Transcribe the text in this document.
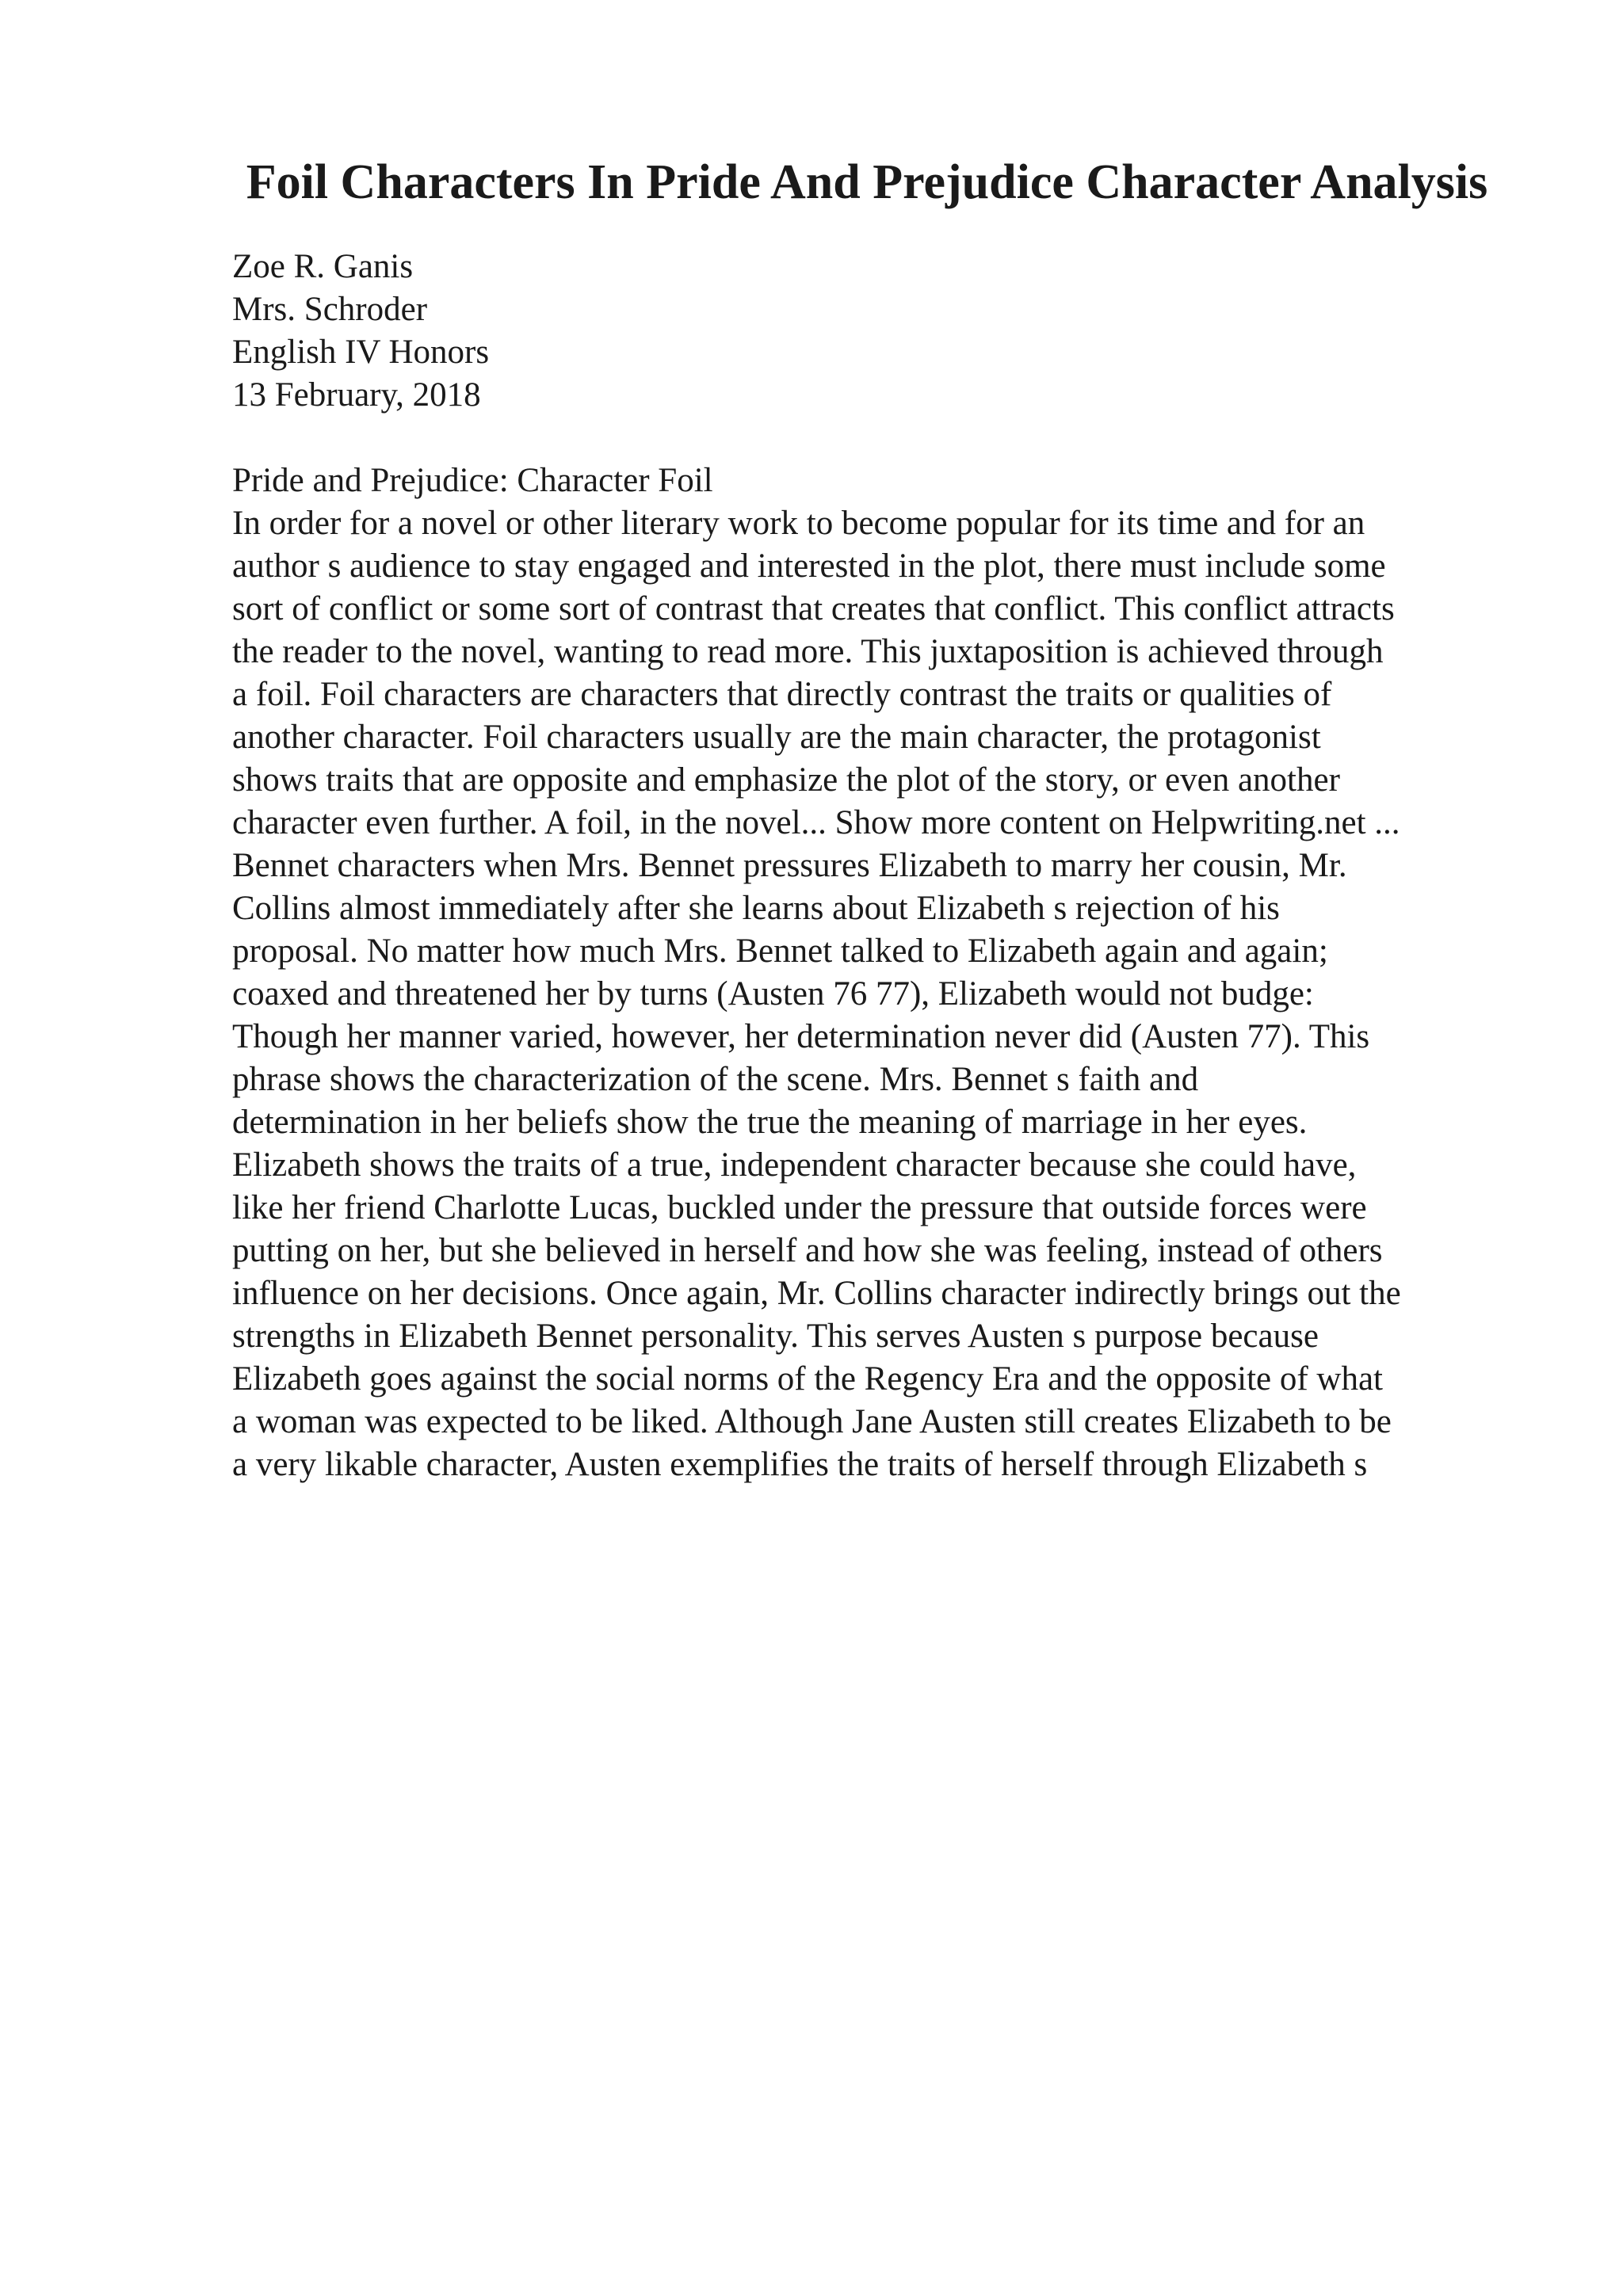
Foil Characters In Pride And Prejudice Character Analysis
Zoe R. Ganis
Mrs. Schroder
English IV Honors
13 February, 2018
Pride and Prejudice: Character Foil
In order for a novel or other literary work to become popular for its time and for an
author s audience to stay engaged and interested in the plot, there must include some
sort of conflict or some sort of contrast that creates that conflict. This conflict attracts
the reader to the novel, wanting to read more. This juxtaposition is achieved through
a foil. Foil characters are characters that directly contrast the traits or qualities of
another character. Foil characters usually are the main character, the protagonist
shows traits that are opposite and emphasize the plot of the story, or even another
character even further. A foil, in the novel... Show more content on Helpwriting.net ...
Bennet characters when Mrs. Bennet pressures Elizabeth to marry her cousin, Mr.
Collins almost immediately after she learns about Elizabeth s rejection of his
proposal. No matter how much Mrs. Bennet talked to Elizabeth again and again;
coaxed and threatened her by turns (Austen 76 77), Elizabeth would not budge:
Though her manner varied, however, her determination never did (Austen 77). This
phrase shows the characterization of the scene. Mrs. Bennet s faith and
determination in her beliefs show the true the meaning of marriage in her eyes.
Elizabeth shows the traits of a true, independent character because she could have,
like her friend Charlotte Lucas, buckled under the pressure that outside forces were
putting on her, but she believed in herself and how she was feeling, instead of others
influence on her decisions. Once again, Mr. Collins character indirectly brings out the
strengths in Elizabeth Bennet personality. This serves Austen s purpose because
Elizabeth goes against the social norms of the Regency Era and the opposite of what
a woman was expected to be liked. Although Jane Austen still creates Elizabeth to be
a very likable character, Austen exemplifies the traits of herself through Elizabeth s
